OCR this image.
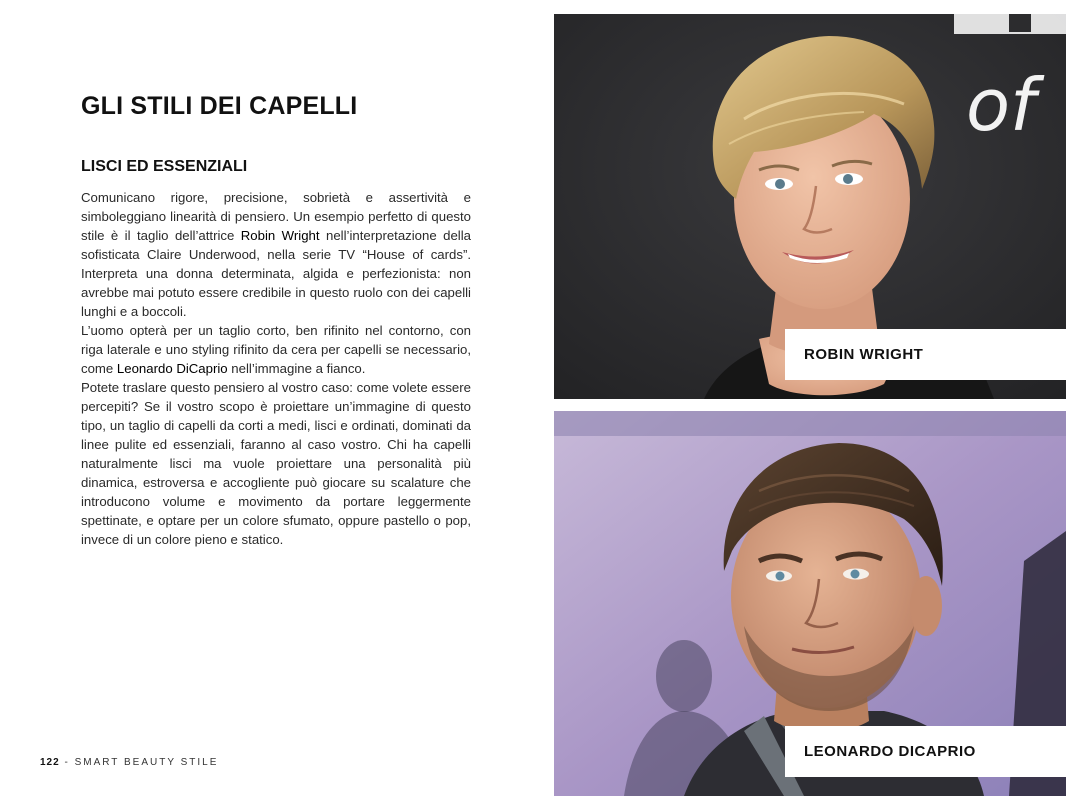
GLI STILI DEI CAPELLI
LISCI ED ESSENZIALI

Comunicano rigore, precisione, sobrietà e assertività e simboleggiano linearità di pensiero. Un esempio perfetto di questo stile è il taglio dell’attrice Robin Wright nell’interpretazione della sofisticata Claire Underwood, nella serie TV “House of cards”. Interpreta una donna determinata, algida e perfezionista: non avrebbe mai potuto essere credibile in questo ruolo con dei capelli lunghi e a boccoli.

L’uomo opterà per un taglio corto, ben rifinito nel contorno, con riga laterale e uno styling rifinito da cera per capelli se necessario, come Leonardo DiCaprio nell’immagine a fianco.

Potete traslare questo pensiero al vostro caso: come volete essere percepiti? Se il vostro scopo è proiettare un’immagine di questo tipo, un taglio di capelli da corti a medi, lisci e ordinati, dominati da linee pulite ed essenziali, faranno al caso vostro. Chi ha capelli naturalmente lisci ma vuole proiettare una personalità più dinamica, estroversa e accogliente può giocare su scalature che introducono volume e movimento da portare leggermente spettinate, e optare per un colore sfumato, oppure pastello o pop, invece di un colore pieno e statico.

122 - SMART BEAUTY STILE
of
ROBIN WRIGHT
LEONARDO DICAPRIO
